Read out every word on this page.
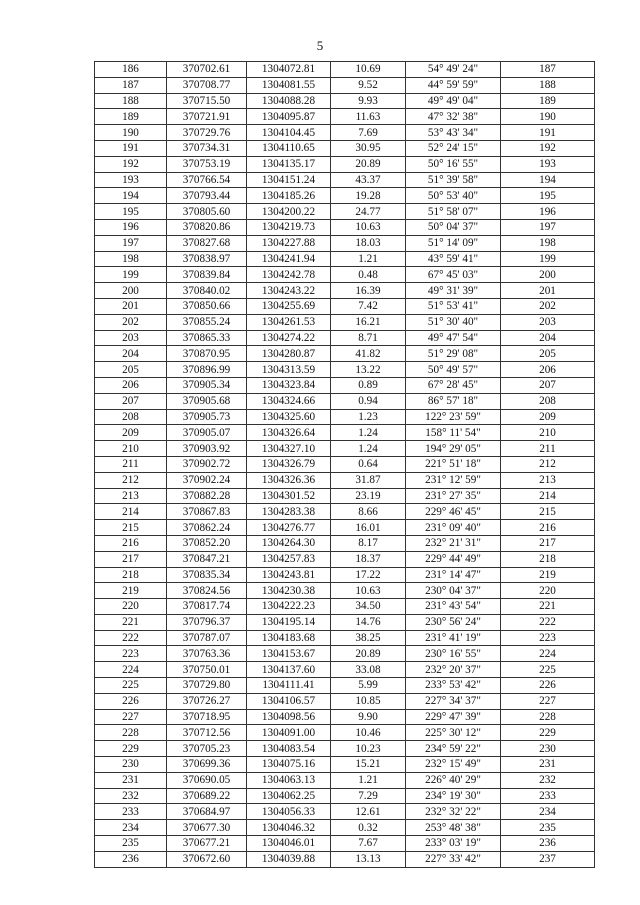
5
186	370702.61	1304072.81	10.69	54° 49' 24"	187
187	370708.77	1304081.55	9.52	44° 59' 59"	188
188	370715.50	1304088.28	9.93	49° 49' 04"	189
189	370721.91	1304095.87	11.63	47° 32' 38"	190
190	370729.76	1304104.45	7.69	53° 43' 34"	191
191	370734.31	1304110.65	30.95	52° 24' 15"	192
192	370753.19	1304135.17	20.89	50° 16' 55"	193
193	370766.54	1304151.24	43.37	51° 39' 58"	194
194	370793.44	1304185.26	19.28	50° 53' 40"	195
195	370805.60	1304200.22	24.77	51° 58' 07"	196
196	370820.86	1304219.73	10.63	50° 04' 37"	197
197	370827.68	1304227.88	18.03	51° 14' 09"	198
198	370838.97	1304241.94	1.21	43° 59' 41"	199
199	370839.84	1304242.78	0.48	67° 45' 03"	200
200	370840.02	1304243.22	16.39	49° 31' 39"	201
201	370850.66	1304255.69	7.42	51° 53' 41"	202
202	370855.24	1304261.53	16.21	51° 30' 40"	203
203	370865.33	1304274.22	8.71	49° 47' 54"	204
204	370870.95	1304280.87	41.82	51° 29' 08"	205
205	370896.99	1304313.59	13.22	50° 49' 57"	206
206	370905.34	1304323.84	0.89	67° 28' 45"	207
207	370905.68	1304324.66	0.94	86° 57' 18"	208
208	370905.73	1304325.60	1.23	122° 23' 59"	209
209	370905.07	1304326.64	1.24	158° 11' 54"	210
210	370903.92	1304327.10	1.24	194° 29' 05"	211
211	370902.72	1304326.79	0.64	221° 51' 18"	212
212	370902.24	1304326.36	31.87	231° 12' 59"	213
213	370882.28	1304301.52	23.19	231° 27' 35"	214
214	370867.83	1304283.38	8.66	229° 46' 45"	215
215	370862.24	1304276.77	16.01	231° 09' 40"	216
216	370852.20	1304264.30	8.17	232° 21' 31"	217
217	370847.21	1304257.83	18.37	229° 44' 49"	218
218	370835.34	1304243.81	17.22	231° 14' 47"	219
219	370824.56	1304230.38	10.63	230° 04' 37"	220
220	370817.74	1304222.23	34.50	231° 43' 54"	221
221	370796.37	1304195.14	14.76	230° 56' 24"	222
222	370787.07	1304183.68	38.25	231° 41' 19"	223
223	370763.36	1304153.67	20.89	230° 16' 55"	224
224	370750.01	1304137.60	33.08	232° 20' 37"	225
225	370729.80	1304111.41	5.99	233° 53' 42"	226
226	370726.27	1304106.57	10.85	227° 34' 37"	227
227	370718.95	1304098.56	9.90	229° 47' 39"	228
228	370712.56	1304091.00	10.46	225° 30' 12"	229
229	370705.23	1304083.54	10.23	234° 59' 22"	230
230	370699.36	1304075.16	15.21	232° 15' 49"	231
231	370690.05	1304063.13	1.21	226° 40' 29"	232
232	370689.22	1304062.25	7.29	234° 19' 30"	233
233	370684.97	1304056.33	12.61	232° 32' 22"	234
234	370677.30	1304046.32	0.32	253° 48' 38"	235
235	370677.21	1304046.01	7.67	233° 03' 19"	236
236	370672.60	1304039.88	13.13	227° 33' 42"	237
